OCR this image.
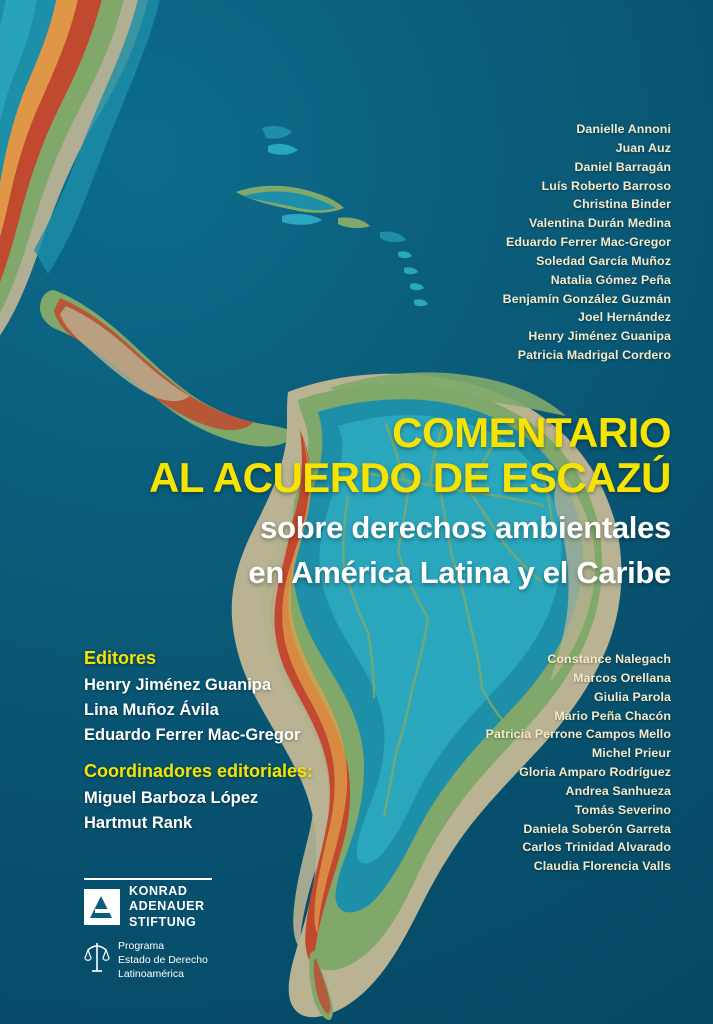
Danielle Annoni
Juan Auz
Daniel Barragán
Luís Roberto Barroso
Christina Binder
Valentina Durán Medina
Eduardo Ferrer Mac-Gregor
Soledad García Muñoz
Natalia Gómez Peña
Benjamín González Guzmán
Joel Hernández
Henry Jiménez Guanipa
Patricia Madrigal Cordero
COMENTARIO
AL ACUERDO DE ESCAZÚ
sobre derechos ambientales
en América Latina y el Caribe
Constance Nalegach
Marcos Orellana
Giulia Parola
Mario Peña Chacón
Patricia Perrone Campos Mello
Michel Prieur
Gloria Amparo Rodríguez
Andrea Sanhueza
Tomás Severino
Daniela Soberón Garreta
Carlos Trinidad Alvarado
Claudia Florencia Valls
Editores
Henry Jiménez Guanipa
Lina Muñoz Ávila
Eduardo Ferrer Mac-Gregor
Coordinadores editoriales:
Miguel Barboza López
Hartmut Rank
KONRAD
ADENAUER
STIFTUNG
Programa
Estado de Derecho
Latinoamérica
